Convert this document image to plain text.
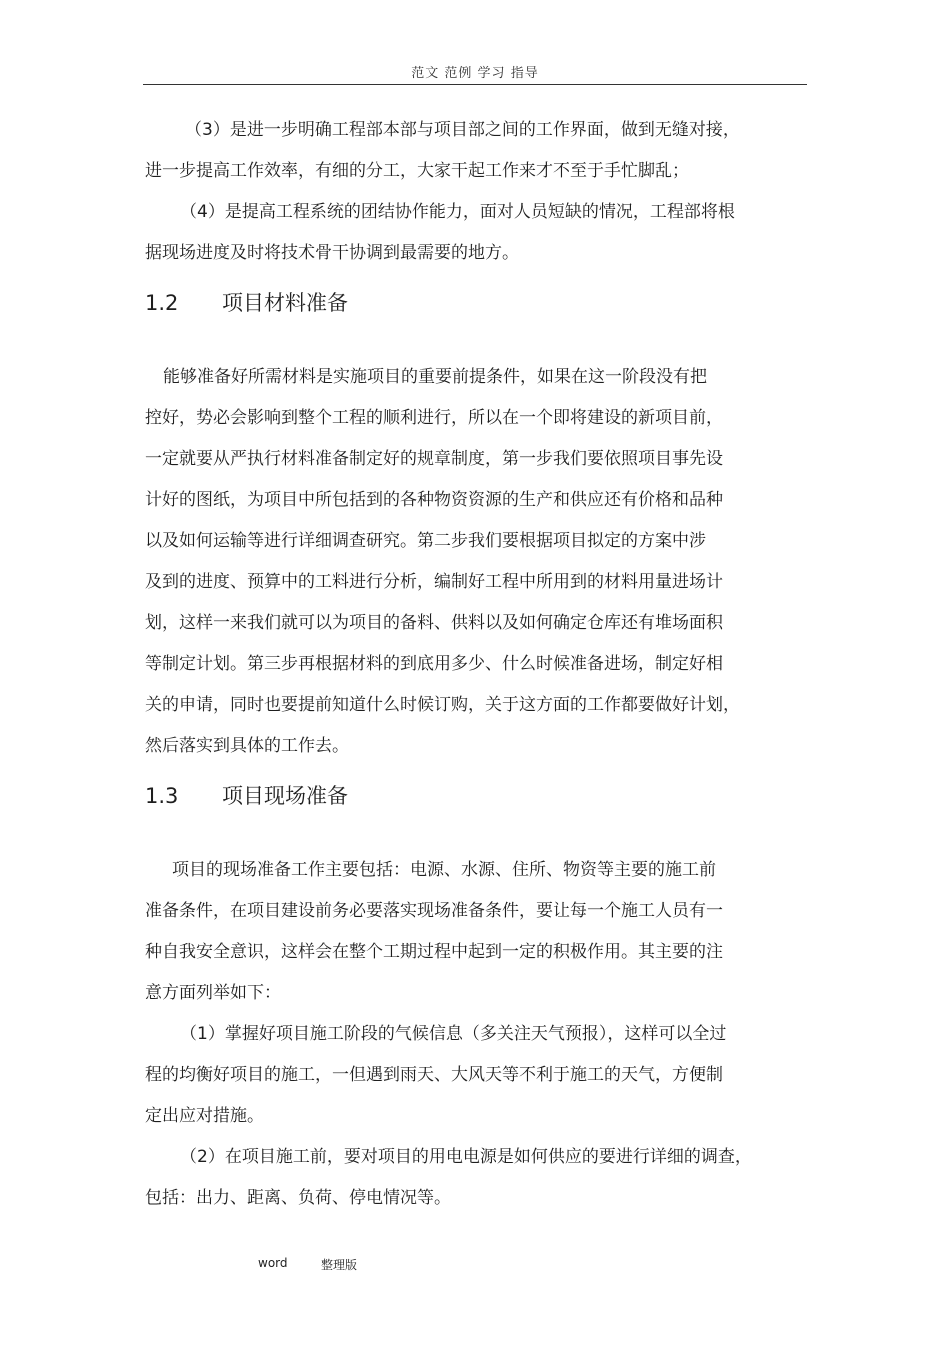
范文 范例 学习 指导
（3）是进一步明确工程部本部与项目部之间的工作界面，做到无缝对接，
进一步提高工作效率，有细的分工，大家干起工作来才不至于手忙脚乱；
（4）是提高工程系统的团结协作能力，面对人员短缺的情况，工程部将根
据现场进度及时将技术骨干协调到最需要的地方。
1.2 项目材料准备
能够准备好所需材料是实施项目的重要前提条件，如果在这一阶段没有把
控好，势必会影响到整个工程的顺利进行，所以在一个即将建设的新项目前，
一定就要从严执行材料准备制定好的规章制度，第一步我们要依照项目事先设
计好的图纸，为项目中所包括到的各种物资资源的生产和供应还有价格和品种
以及如何运输等进行详细调查研究。第二步我们要根据项目拟定的方案中涉
及到的进度、预算中的工料进行分析，编制好工程中所用到的材料用量进场计
划，这样一来我们就可以为项目的备料、供料以及如何确定仓库还有堆场面积
等制定计划。第三步再根据材料的到底用多少、什么时候准备进场，制定好相
关的申请，同时也要提前知道什么时候订购，关于这方面的工作都要做好计划，
然后落实到具体的工作去。
1.3 项目现场准备
项目的现场准备工作主要包括：电源、水源、住所、物资等主要的施工前
准备条件，在项目建设前务必要落实现场准备条件，要让每一个施工人员有一
种自我安全意识，这样会在整个工期过程中起到一定的积极作用。其主要的注
意方面列举如下：
（1）掌握好项目施工阶段的气候信息（多关注天气预报），这样可以全过
程的均衡好项目的施工，一但遇到雨天、大风天等不利于施工的天气，方便制
定出应对措施。
（2）在项目施工前，要对项目的用电电源是如何供应的要进行详细的调查，
包括：出力、距离、负荷、停电情况等。
word	整理版
